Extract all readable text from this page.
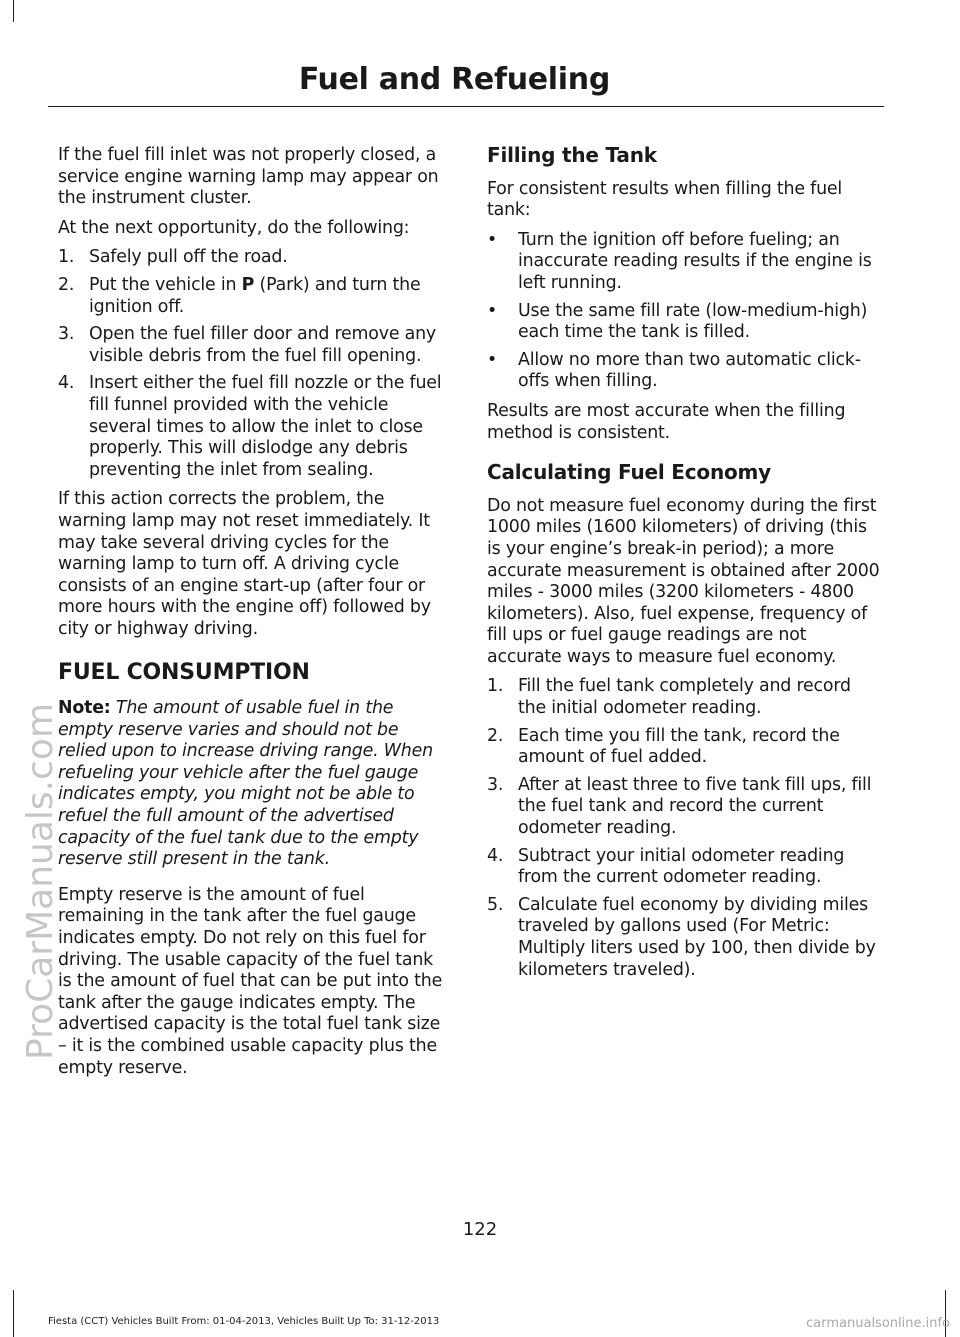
Fuel and Refueling

If the fuel fill inlet was not properly closed, a service engine warning lamp may appear on the instrument cluster.

At the next opportunity, do the following:

1. Safely pull off the road.
2. Put the vehicle in P (Park) and turn the ignition off.
3. Open the fuel filler door and remove any visible debris from the fuel fill opening.
4. Insert either the fuel fill nozzle or the fuel fill funnel provided with the vehicle several times to allow the inlet to close properly. This will dislodge any debris preventing the inlet from sealing.

If this action corrects the problem, the warning lamp may not reset immediately. It may take several driving cycles for the warning lamp to turn off. A driving cycle consists of an engine start-up (after four or more hours with the engine off) followed by city or highway driving.

FUEL CONSUMPTION

Note: The amount of usable fuel in the empty reserve varies and should not be relied upon to increase driving range. When refueling your vehicle after the fuel gauge indicates empty, you might not be able to refuel the full amount of the advertised capacity of the fuel tank due to the empty reserve still present in the tank.

Empty reserve is the amount of fuel remaining in the tank after the fuel gauge indicates empty. Do not rely on this fuel for driving. The usable capacity of the fuel tank is the amount of fuel that can be put into the tank after the gauge indicates empty. The advertised capacity is the total fuel tank size – it is the combined usable capacity plus the empty reserve.

Filling the Tank

For consistent results when filling the fuel tank:

• Turn the ignition off before fueling; an inaccurate reading results if the engine is left running.
• Use the same fill rate (low-medium-high) each time the tank is filled.
• Allow no more than two automatic click-offs when filling.

Results are most accurate when the filling method is consistent.

Calculating Fuel Economy

Do not measure fuel economy during the first 1000 miles (1600 kilometers) of driving (this is your engine’s break-in period); a more accurate measurement is obtained after 2000 miles - 3000 miles (3200 kilometers - 4800 kilometers). Also, fuel expense, frequency of fill ups or fuel gauge readings are not accurate ways to measure fuel economy.

1. Fill the fuel tank completely and record the initial odometer reading.
2. Each time you fill the tank, record the amount of fuel added.
3. After at least three to five tank fill ups, fill the fuel tank and record the current odometer reading.
4. Subtract your initial odometer reading from the current odometer reading.
5. Calculate fuel economy by dividing miles traveled by gallons used (For Metric: Multiply liters used by 100, then divide by kilometers traveled).
122
Fiesta (CCT) Vehicles Built From: 01-04-2013, Vehicles Built Up To: 31-12-2013
ProCarManuals.com
carmanualsonline.info
